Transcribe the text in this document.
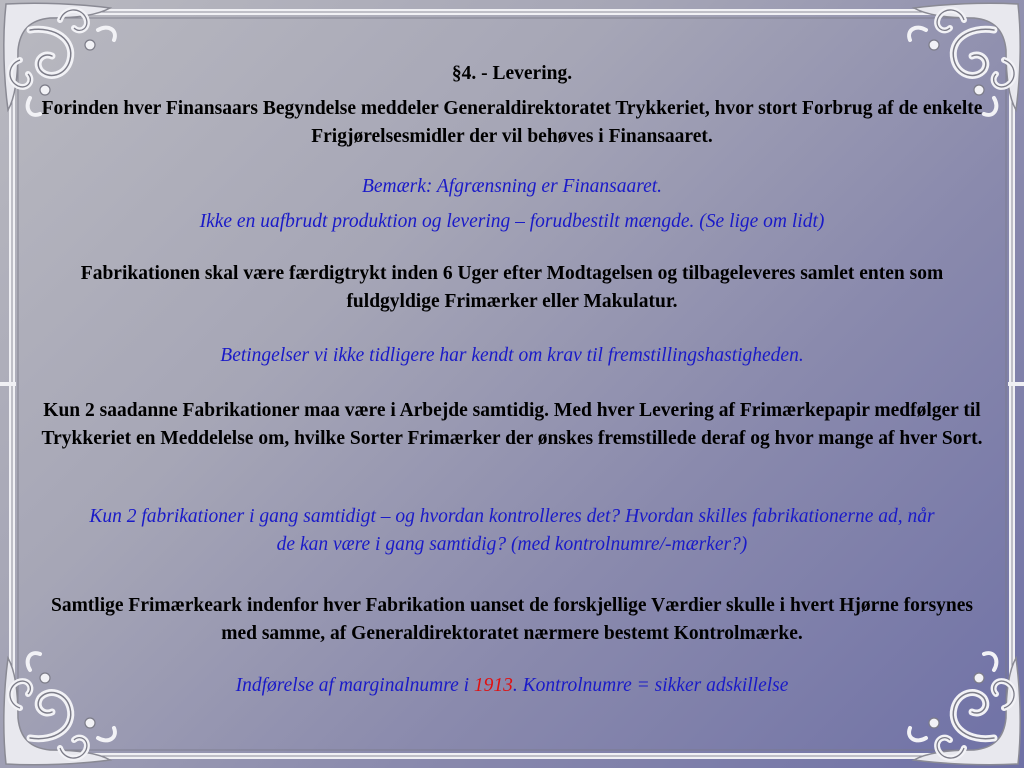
§4. - Levering.

Forinden hver Finansaars Begyndelse meddeler Generaldirektoratet Trykkeriet, hvor stort Forbrug af de enkelte Frigjørelsesmidler der vil behøves i Finansaaret.

Bemærk: Afgrænsning er Finansaaret.

Ikke en uafbrudt produktion og levering – forudbestilt mængde. (Se lige om lidt)

Fabrikationen skal være færdigtrykt inden 6 Uger efter Modtagelsen og tilbageleveres samlet enten som fuldgyldige Frimærker eller Makulatur.

Betingelser vi ikke tidligere har kendt om krav til fremstillingshastigheden.

Kun 2 saadanne Fabrikationer maa være i Arbejde samtidig. Med hver Levering af Frimærkepapir medfølger til Trykkeriet en Meddelelse om, hvilke Sorter Frimærker der ønskes fremstillede deraf og hvor mange af hver Sort.

Kun 2 fabrikationer i gang samtidigt – og hvordan kontrolleres det? Hvordan skilles fabrikationerne ad, når de kan være i gang samtidig? (med kontrolnumre/-mærker?)

Samtlige Frimærkeark indenfor hver Fabrikation uanset de forskjellige Værdier skulle i hvert Hjørne forsynes med samme, af Generaldirektoratet nærmere bestemt Kontrolmærke.

Indførelse af marginalnumre i 1913. Kontrolnumre = sikker adskillelse
